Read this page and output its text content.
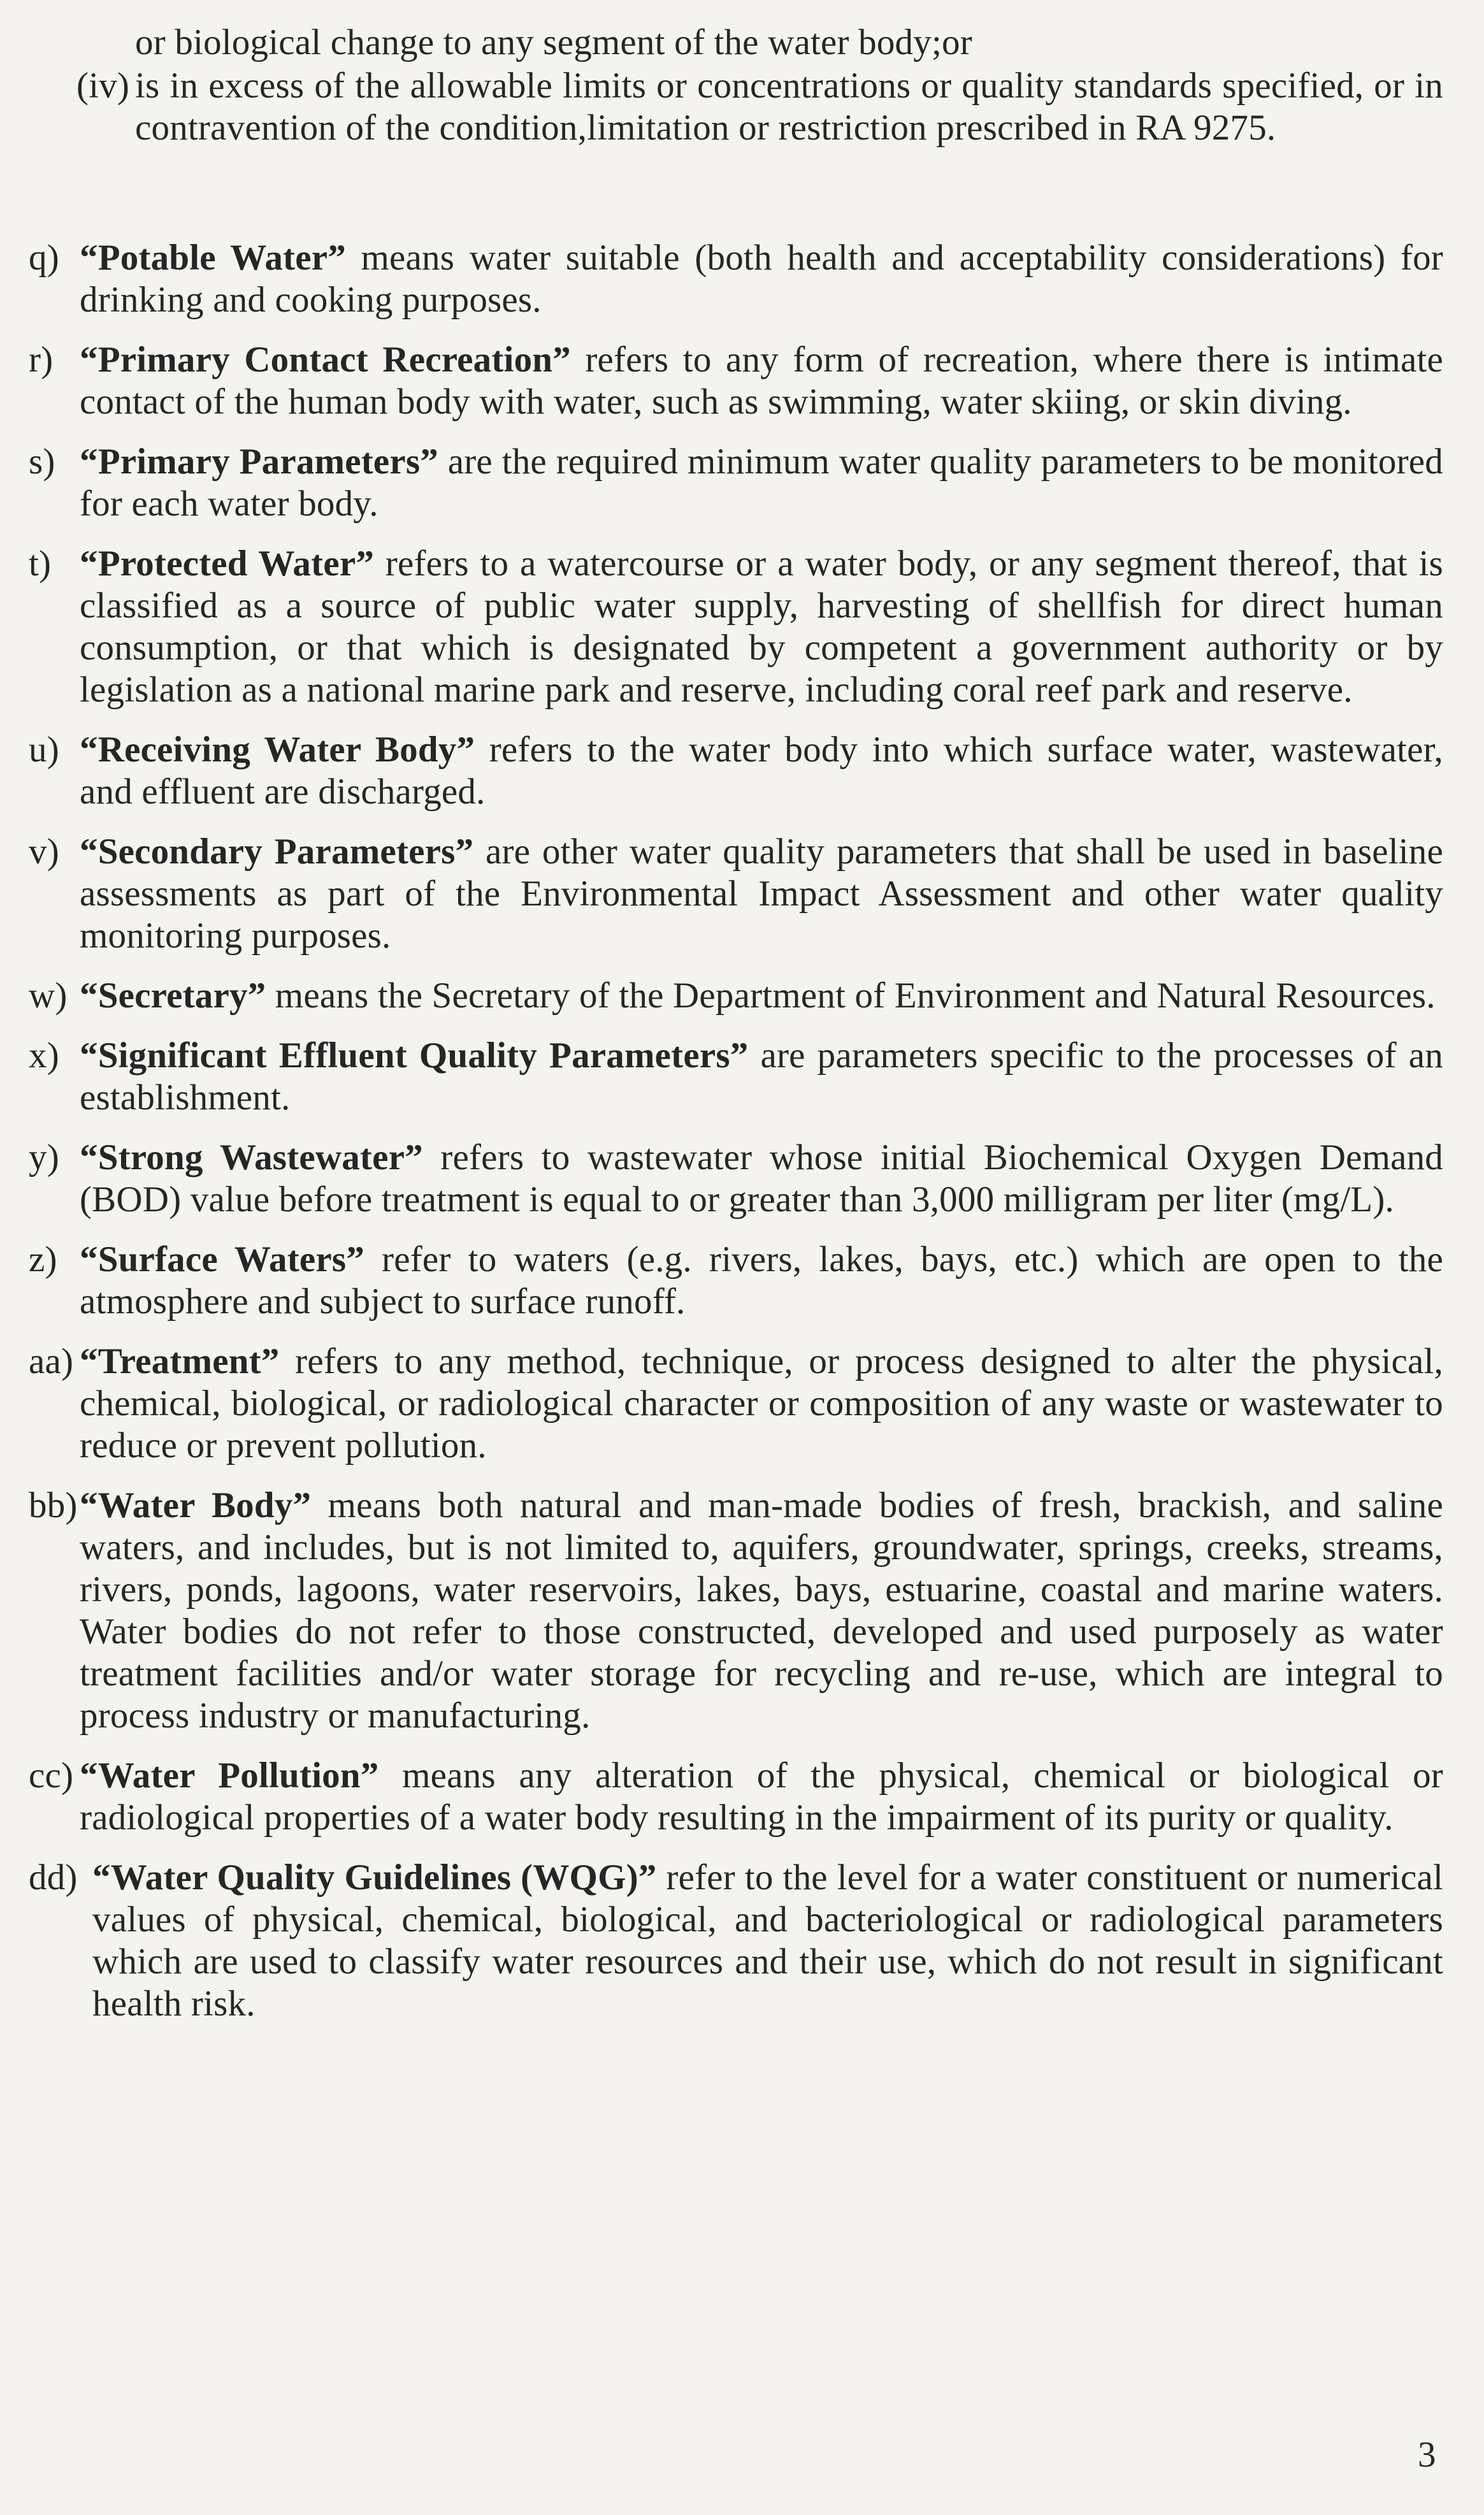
or biological change to any segment of the water body;or
(iv) is in excess of the allowable limits or concentrations or quality standards specified, or in contravention of the condition,limitation or restriction prescribed in RA 9275.
q) “Potable Water” means water suitable (both health and acceptability considerations) for drinking and cooking purposes.
r) “Primary Contact Recreation” refers to any form of recreation, where there is intimate contact of the human body with water, such as swimming, water skiing, or skin diving.
s) “Primary Parameters” are the required minimum water quality parameters to be monitored for each water body.
t) “Protected Water” refers to a watercourse or a water body, or any segment thereof, that is classified as a source of public water supply, harvesting of shellfish for direct human consumption, or that which is designated by competent a government authority or by legislation as a national marine park and reserve, including coral reef park and reserve.
u) “Receiving Water Body” refers to the water body into which surface water, wastewater, and effluent are discharged.
v) “Secondary Parameters” are other water quality parameters that shall be used in baseline assessments as part of the Environmental Impact Assessment and other water quality monitoring purposes.
w) “Secretary” means the Secretary of the Department of Environment and Natural Resources.
x) “Significant Effluent Quality Parameters” are parameters specific to the processes of an establishment.
y) “Strong Wastewater” refers to wastewater whose initial Biochemical Oxygen Demand (BOD) value before treatment is equal to or greater than 3,000 milligram per liter (mg/L).
z) “Surface Waters” refer to waters (e.g. rivers, lakes, bays, etc.) which are open to the atmosphere and subject to surface runoff.
aa) “Treatment” refers to any method, technique, or process designed to alter the physical, chemical, biological, or radiological character or composition of any waste or wastewater to reduce or prevent pollution.
bb) “Water Body” means both natural and man-made bodies of fresh, brackish, and saline waters, and includes, but is not limited to, aquifers, groundwater, springs, creeks, streams, rivers, ponds, lagoons, water reservoirs, lakes, bays, estuarine, coastal and marine waters. Water bodies do not refer to those constructed, developed and used purposely as water treatment facilities and/or water storage for recycling and re-use, which are integral to process industry or manufacturing.
cc) “Water Pollution” means any alteration of the physical, chemical or biological or radiological properties of a water body resulting in the impairment of its purity or quality.
dd) “Water Quality Guidelines (WQG)” refer to the level for a water constituent or numerical values of physical, chemical, biological, and bacteriological or radiological parameters which are used to classify water resources and their use, which do not result in significant health risk.
3
